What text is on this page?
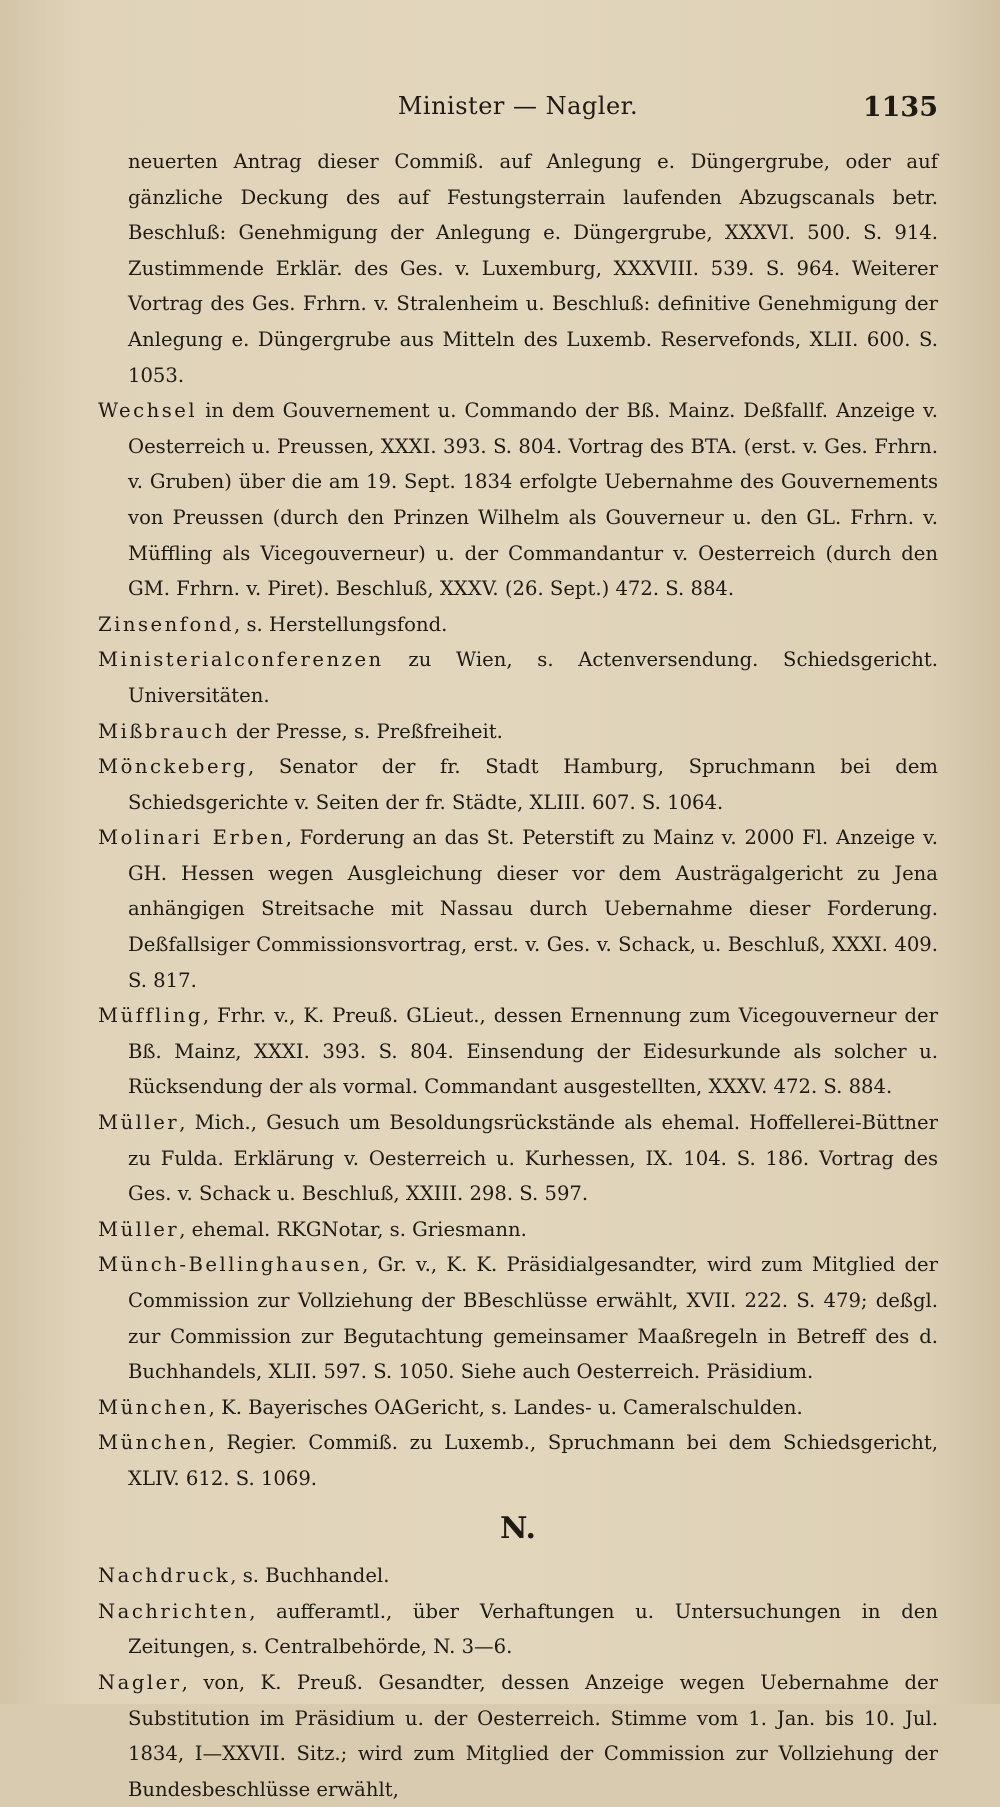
Minister — Nagler.	1135

neuerten Antrag dieser Commiß. auf Anlegung e. Düngergrube, oder auf gänzliche Deckung des auf Festungsterrain laufenden Abzugscanals betr. Beschluß: Genehmigung der Anlegung e. Düngergrube, XXXVI. 500. S. 914. Zustimmende Erklär. des Ges. v. Luxemburg, XXXVIII. 539. S. 964. Weiterer Vortrag des Ges. Frhrn. v. Stralenheim u. Beschluß: definitive Genehmigung der Anlegung e. Düngergrube aus Mitteln des Luxemb. Reservefonds, XLII. 600. S. 1053.

Wechsel in dem Gouvernement u. Commando der Bß. Mainz. Deßfallf. Anzeige v. Oesterreich u. Preussen, XXXI. 393. S. 804. Vortrag des BTA. (erst. v. Ges. Frhrn. v. Gruben) über die am 19. Sept. 1834 erfolgte Uebernahme des Gouvernements von Preussen (durch den Prinzen Wilhelm als Gouverneur u. den GL. Frhrn. v. Müffling als Vicegouverneur) u. der Commandantur v. Oesterreich (durch den GM. Frhrn. v. Piret). Beschluß, XXXV. (26. Sept.) 472. S. 884.

Zinsenfond, s. Herstellungsfond.

Ministerialconferenzen zu Wien, s. Actenversendung. Schiedsgericht. Universitäten.

Mißbrauch der Presse, s. Preßfreiheit.

Mönckeberg, Senator der fr. Stadt Hamburg, Spruchmann bei dem Schiedsgerichte v. Seiten der fr. Städte, XLIII. 607. S. 1064.

Molinari Erben, Forderung an das St. Peterstift zu Mainz v. 2000 Fl. Anzeige v. GH. Hessen wegen Ausgleichung dieser vor dem Austrägalgericht zu Jena anhängigen Streitsache mit Nassau durch Uebernahme dieser Forderung. Deßfallsiger Commissionsvortrag, erst. v. Ges. v. Schack, u. Beschluß, XXXI. 409. S. 817.

Müffling, Frhr. v., K. Preuß. GLieut., dessen Ernennung zum Vicegouverneur der Bß. Mainz, XXXI. 393. S. 804. Einsendung der Eidesurkunde als solcher u. Rücksendung der als vormal. Commandant ausgestellten, XXXV. 472. S. 884.

Müller, Mich., Gesuch um Besoldungsrückstände als ehemal. Hoffellerei-Büttner zu Fulda. Erklärung v. Oesterreich u. Kurhessen, IX. 104. S. 186. Vortrag des Ges. v. Schack u. Beschluß, XXIII. 298. S. 597.

Müller, ehemal. RKGNotar, s. Griesmann.

Münch-Bellinghausen, Gr. v., K. K. Präsidialgesandter, wird zum Mitglied der Commission zur Vollziehung der BBeschlüsse erwählt, XVII. 222. S. 479; deßgl. zur Commission zur Begutachtung gemeinsamer Maaßregeln in Betreff des d. Buchhandels, XLII. 597. S. 1050. Siehe auch Oesterreich. Präsidium.

München, K. Bayerisches OAGericht, s. Landes- u. Cameralschulden.

München, Regier. Commiß. zu Luxemb., Spruchmann bei dem Schiedsgericht, XLIV. 612. S. 1069.

N.

Nachdruck, s. Buchhandel.

Nachrichten, aufferamtl., über Verhaftungen u. Untersuchungen in den Zeitungen, s. Centralbehörde, N. 3—6.

Nagler, von, K. Preuß. Gesandter, dessen Anzeige wegen Uebernahme der Substitution im Präsidium u. der Oesterreich. Stimme vom 1. Jan. bis 10. Jul. 1834, I—XXVII. Sitz.; wird zum Mitglied der Commission zur Vollziehung der Bundesbeschlüsse erwählt,
